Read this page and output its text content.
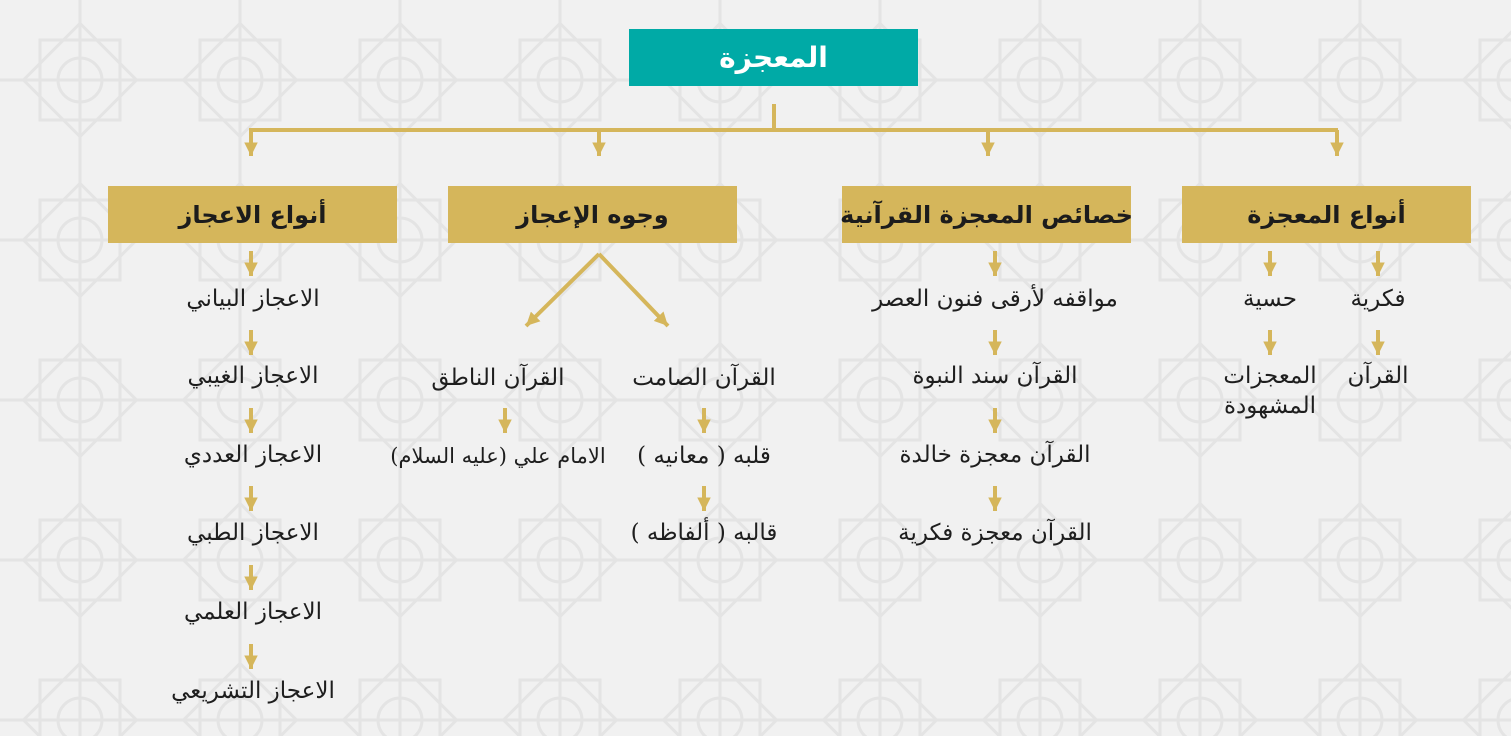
المعجزة
أنواع المعجزة
خصائص المعجزة القرآنية
وجوه الإعجاز
أنواع الاعجاز
فكرية
القرآن
حسية
المعجزات المشهودة
مواقفه لأرقى فنون العصر
القرآن سند النبوة
القرآن معجزة خالدة
القرآن معجزة فكرية
القرآن الصامت
قلبه ( معانيه )
قالبه ( ألفاظه )
القرآن الناطق
الامام علي (عليه السلام)
الاعجاز البياني
الاعجاز الغيبي
الاعجاز العددي
الاعجاز الطبي
الاعجاز العلمي
الاعجاز التشريعي
